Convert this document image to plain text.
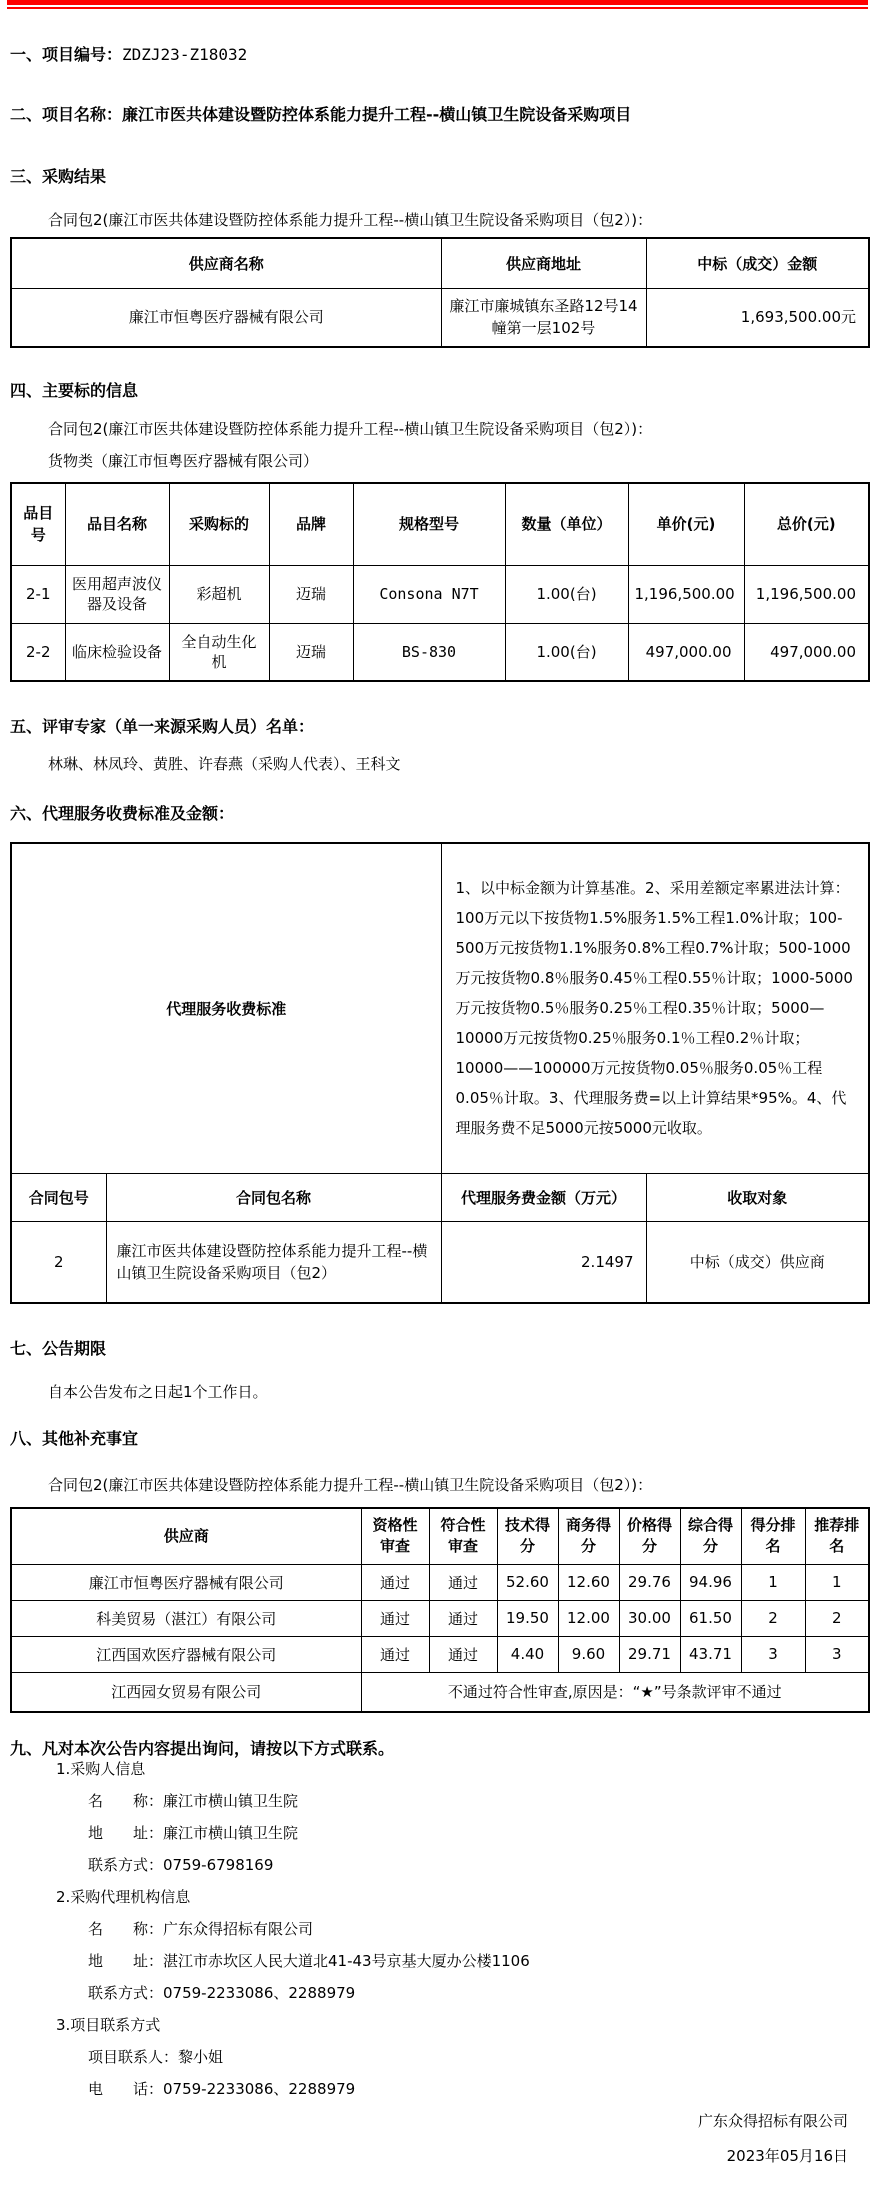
一、项目编号：ZDZJ23-Z18032

二、项目名称：廉江市医共体建设暨防控体系能力提升工程--横山镇卫生院设备采购项目

三、采购结果

合同包2(廉江市医共体建设暨防控体系能力提升工程--横山镇卫生院设备采购项目（包2）)：

供应商名称	供应商地址	中标（成交）金额
廉江市恒粤医疗器械有限公司	廉江市廉城镇东圣路12号14幢第一层102号	1,693,500.00元

四、主要标的信息

合同包2(廉江市医共体建设暨防控体系能力提升工程--横山镇卫生院设备采购项目（包2）)：

货物类（廉江市恒粤医疗器械有限公司）

品目号	品目名称	采购标的	品牌	规格型号	数量（单位）	单价(元)	总价(元)
2-1	医用超声波仪器及设备	彩超机	迈瑞	Consona N7T	1.00(台)	1,196,500.00	1,196,500.00
2-2	临床检验设备	全自动生化机	迈瑞	BS-830	1.00(台)	497,000.00	497,000.00

五、评审专家（单一来源采购人员）名单：

林琳、林凤玲、黄胜、许春燕（采购人代表）、王科文

六、代理服务收费标准及金额：

代理服务收费标准		1、以中标金额为计算基准。2、采用差额定率累进法计算：100万元以下按货物1.5%服务1.5%工程1.0%计取；100-500万元按货物1.1%服务0.8%工程0.7%计取；500-1000万元按货物0.8％服务0.45％工程0.55％计取；1000-5000万元按货物0.5％服务0.25％工程0.35％计取；5000—10000万元按货物0.25％服务0.1％工程0.2％计取；10000——100000万元按货物0.05％服务0.05％工程0.05％计取。3、代理服务费=以上计算结果*95%。4、代理服务费不足5000元按5000元收取。	
合同包号	合同包名称	代理服务费金额（万元）	收取对象
2	廉江市医共体建设暨防控体系能力提升工程--横山镇卫生院设备采购项目（包2）	2.1497	中标（成交）供应商

七、公告期限

自本公告发布之日起1个工作日。

八、其他补充事宜

合同包2(廉江市医共体建设暨防控体系能力提升工程--横山镇卫生院设备采购项目（包2）)：

供应商	资格性审查	符合性审查	技术得分	商务得分	价格得分	综合得分	得分排名	推荐排名
廉江市恒粤医疗器械有限公司	通过	通过	52.60	12.60	29.76	94.96	1	1
科美贸易（湛江）有限公司	通过	通过	19.50	12.00	30.00	61.50	2	2
江西国欢医疗器械有限公司	通过	通过	4.40	9.60	29.71	43.71	3	3
江西园女贸易有限公司	不通过符合性审查,原因是：“★”号条款评审不通过							

九、凡对本次公告内容提出询问，请按以下方式联系。

1.采购人信息

名　　称：廉江市横山镇卫生院

地　　址：廉江市横山镇卫生院

联系方式：0759-6798169

2.采购代理机构信息

名　　称：广东众得招标有限公司

地　　址：湛江市赤坎区人民大道北41-43号京基大厦办公楼1106

联系方式：0759-2233086、2288979

3.项目联系方式

项目联系人：黎小姐

电　　话：0759-2233086、2288979

广东众得招标有限公司

2023年05月16日
